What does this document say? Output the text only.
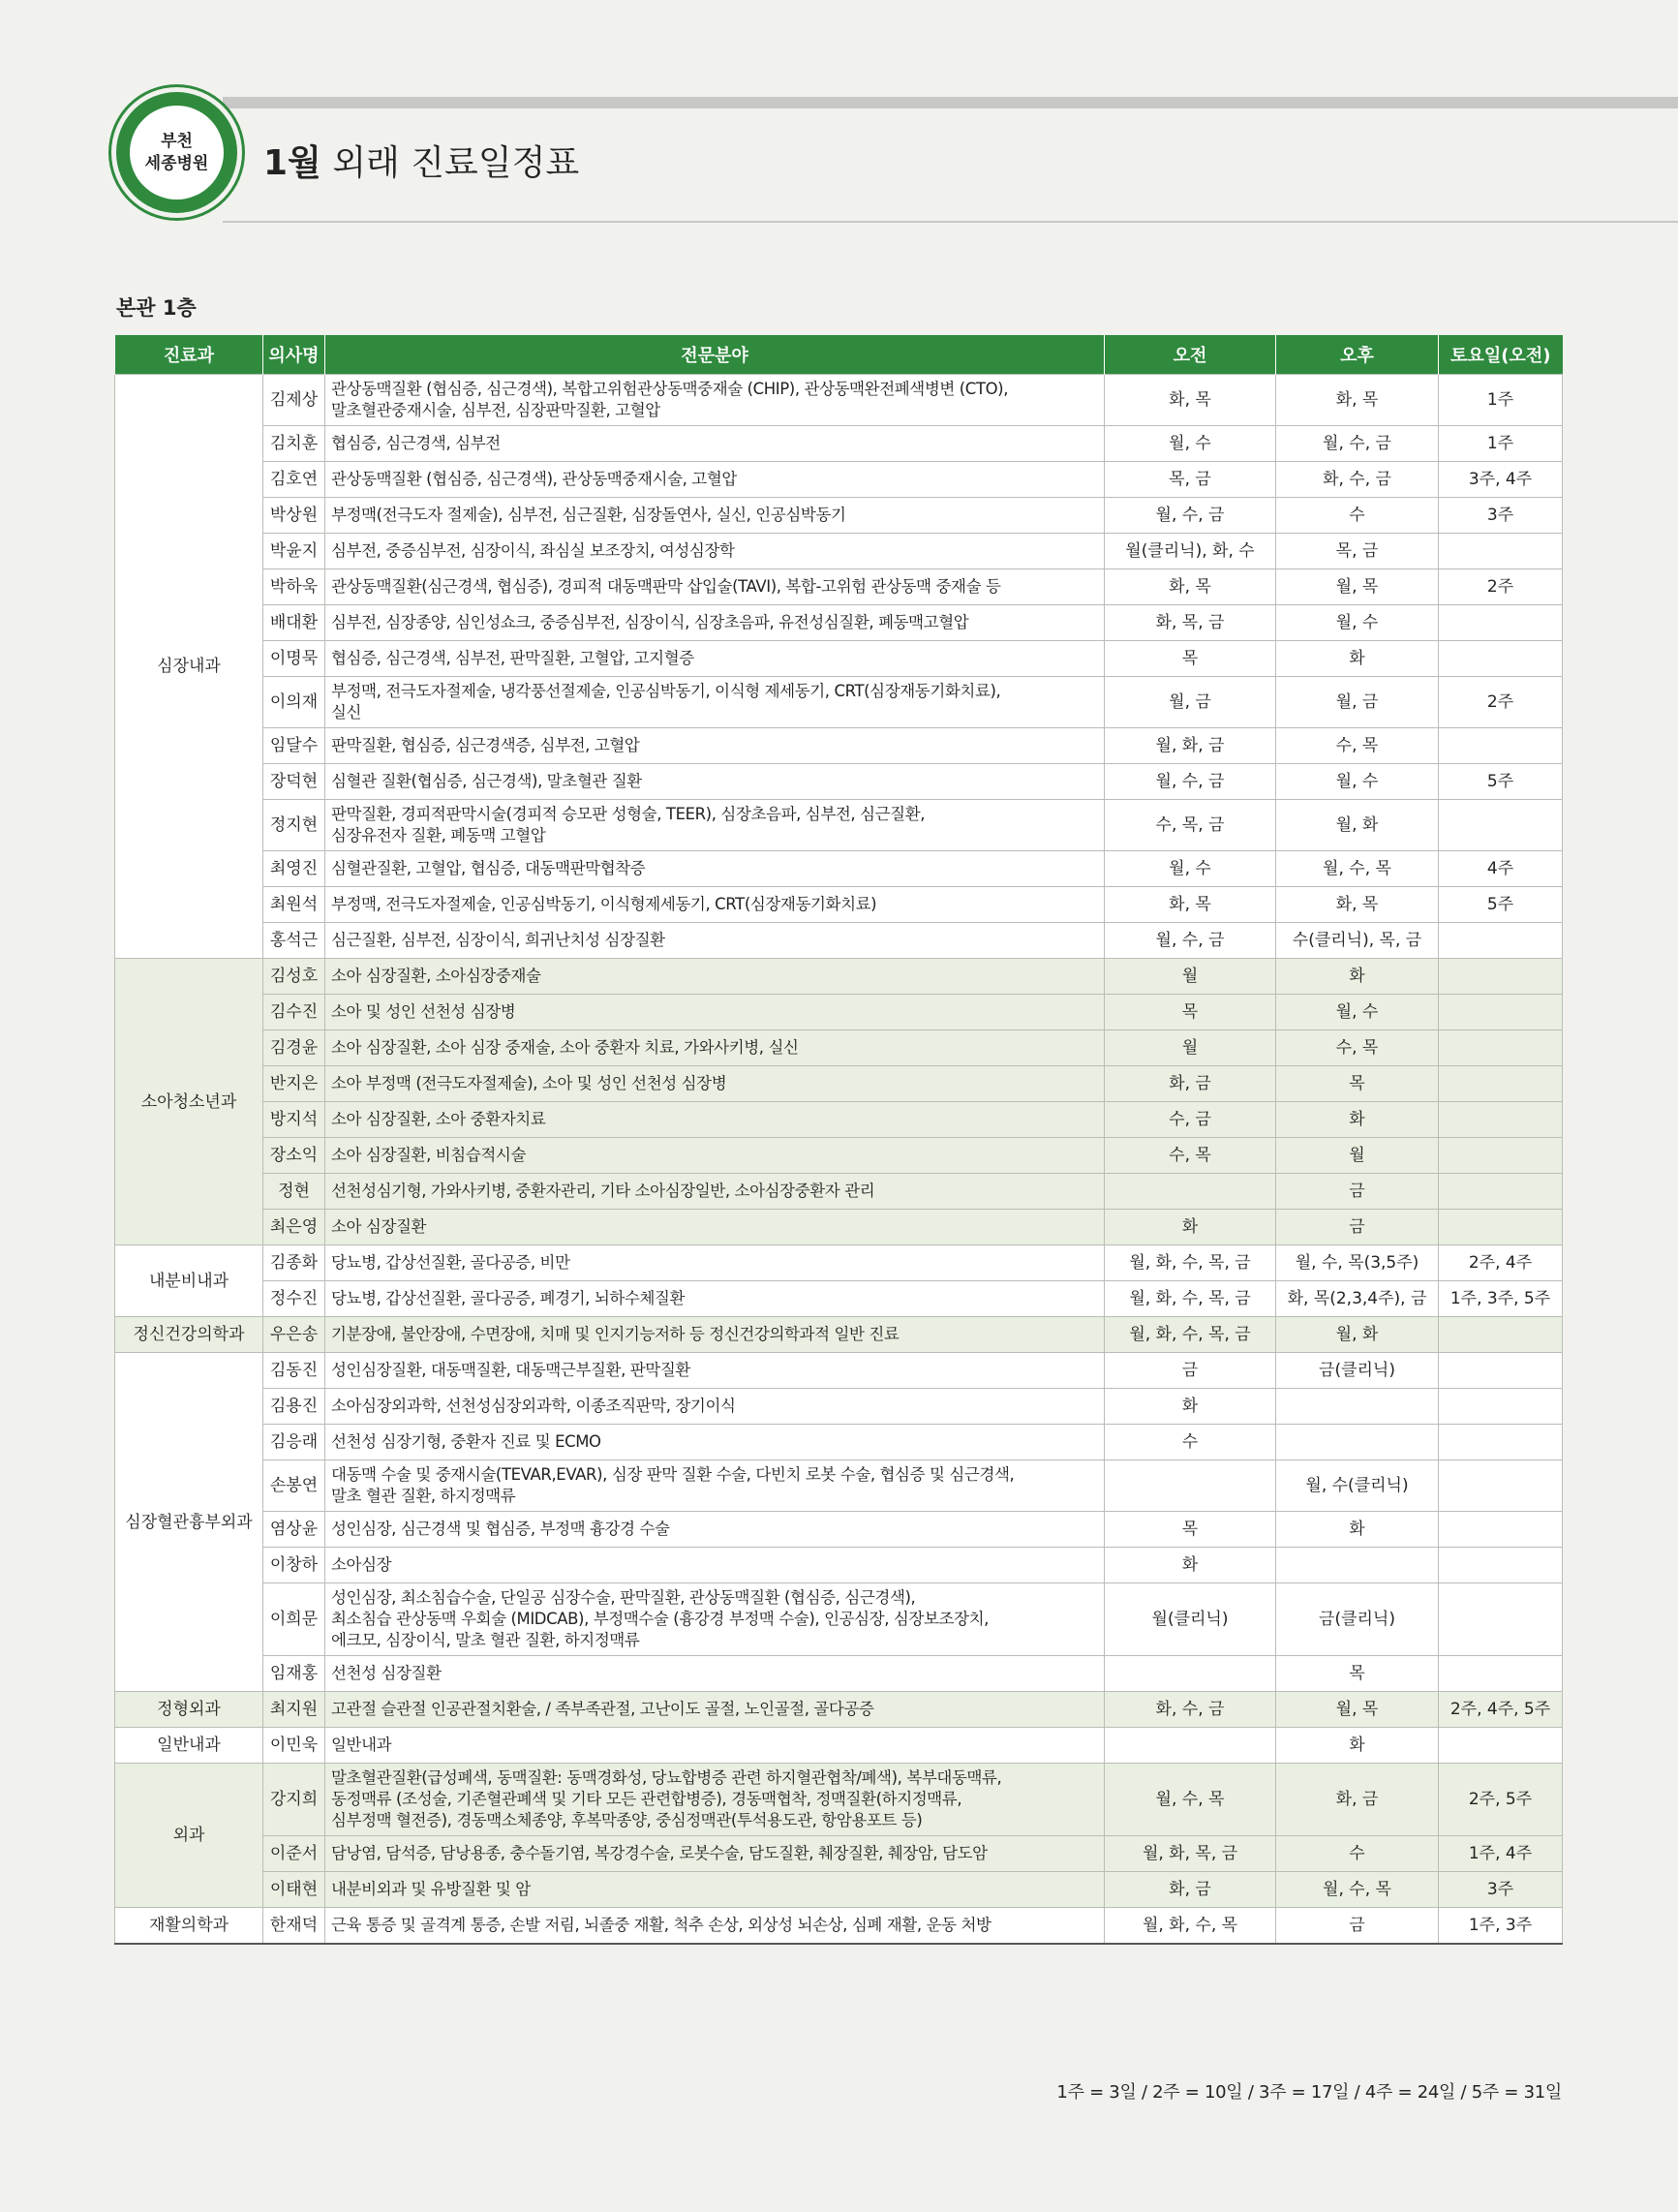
부천
세종병원 1월 외래 진료일정표
본관 1층
진료과	의사명	전문분야	오전	오후	토요일(오전)
심장내과	김제상	관상동맥질환 (협심증, 심근경색), 복합고위험관상동맥중재술 (CHIP), 관상동맥완전폐색병변 (CTO),
말초혈관중재시술, 심부전, 심장판막질환, 고혈압	화, 목	화, 목	1주
	김치훈	협심증, 심근경색, 심부전	월, 수	월, 수, 금	1주
	김호연	관상동맥질환 (협심증, 심근경색), 관상동맥중재시술, 고혈압	목, 금	화, 수, 금	3주, 4주
	박상원	부정맥(전극도자 절제술), 심부전, 심근질환, 심장돌연사, 실신, 인공심박동기	월, 수, 금	수	3주
	박윤지	심부전, 중증심부전, 심장이식, 좌심실 보조장치, 여성심장학	월(클리닉), 화, 수	목, 금	
	박하욱	관상동맥질환(심근경색, 협심증), 경피적 대동맥판막 삽입술(TAVI), 복합-고위험 관상동맥 중재술 등	화, 목	월, 목	2주
	배대환	심부전, 심장종양, 심인성쇼크, 중증심부전, 심장이식, 심장초음파, 유전성심질환, 폐동맥고혈압	화, 목, 금	월, 수	
	이명묵	협심증, 심근경색, 심부전, 판막질환, 고혈압, 고지혈증	목	화	
	이의재	부정맥, 전극도자절제술, 냉각풍선절제술, 인공심박동기, 이식형 제세동기, CRT(심장재동기화치료),
실신	월, 금	월, 금	2주
	임달수	판막질환, 협심증, 심근경색증, 심부전, 고혈압	월, 화, 금	수, 목	
	장덕현	심혈관 질환(협심증, 심근경색), 말초혈관 질환	월, 수, 금	월, 수	5주
	정지현	판막질환, 경피적판막시술(경피적 승모판 성형술, TEER), 심장초음파, 심부전, 심근질환,
심장유전자 질환, 폐동맥 고혈압	수, 목, 금	월, 화	
	최영진	심혈관질환, 고혈압, 협심증, 대동맥판막협착증	월, 수	월, 수, 목	4주
	최원석	부정맥, 전극도자절제술, 인공심박동기, 이식형제세동기, CRT(심장재동기화치료)	화, 목	화, 목	5주
	홍석근	심근질환, 심부전, 심장이식, 희귀난치성 심장질환	월, 수, 금	수(클리닉), 목, 금	
소아청소년과	김성호	소아 심장질환, 소아심장중재술	월	화	
	김수진	소아 및 성인 선천성 심장병	목	월, 수	
	김경윤	소아 심장질환, 소아 심장 중재술, 소아 중환자 치료, 가와사키병, 실신	월	수, 목	
	반지은	소아 부정맥 (전극도자절제술), 소아 및 성인 선천성 심장병	화, 금	목	
	방지석	소아 심장질환, 소아 중환자치료	수, 금	화	
	장소익	소아 심장질환, 비침습적시술	수, 목	월	
	정현	선천성심기형, 가와사키병, 중환자관리, 기타 소아심장일반, 소아심장중환자 관리		금	
	최은영	소아 심장질환	화	금	
내분비내과	김종화	당뇨병, 갑상선질환, 골다공증, 비만	월, 화, 수, 목, 금	월, 수, 목(3,5주)	2주, 4주
	정수진	당뇨병, 갑상선질환, 골다공증, 폐경기, 뇌하수체질환	월, 화, 수, 목, 금	화, 목(2,3,4주), 금	1주, 3주, 5주
정신건강의학과	우은송	기분장애, 불안장애, 수면장애, 치매 및 인지기능저하 등 정신건강의학과적 일반 진료	월, 화, 수, 목, 금	월, 화	
심장혈관흉부외과	김동진	성인심장질환, 대동맥질환, 대동맥근부질환, 판막질환	금	금(클리닉)	
	김용진	소아심장외과학, 선천성심장외과학, 이종조직판막, 장기이식	화		
	김응래	선천성 심장기형, 중환자 진료 및 ECMO	수		
	손봉연	대동맥 수술 및 중재시술(TEVAR,EVAR), 심장 판막 질환 수술, 다빈치 로봇 수술, 협심증 및 심근경색,
말초 혈관 질환, 하지정맥류		월, 수(클리닉)	
	염상윤	성인심장, 심근경색 및 협심증, 부정맥 흉강경 수술	목	화	
	이창하	소아심장	화		
	이희문	성인심장, 최소침습수술, 단일공 심장수술, 판막질환, 관상동맥질환 (협심증, 심근경색),
최소침습 관상동맥 우회술 (MIDCAB), 부정맥수술 (흉강경 부정맥 수술), 인공심장, 심장보조장치,
에크모, 심장이식, 말초 혈관 질환, 하지정맥류	월(클리닉)	금(클리닉)	
	임재홍	선천성 심장질환		목	
정형외과	최지원	고관절 슬관절 인공관절치환술, / 족부족관절, 고난이도 골절, 노인골절, 골다공증	화, 수, 금	월, 목	2주, 4주, 5주
일반내과	이민욱	일반내과		화	
외과	강지희	말초혈관질환(급성폐색, 동맥질환: 동맥경화성, 당뇨합병증 관련 하지혈관협착/폐색), 복부대동맥류,
동정맥류 (조성술, 기존혈관폐색 및 기타 모든 관련합병증), 경동맥협착, 정맥질환(하지정맥류,
심부정맥 혈전증), 경동맥소체종양, 후복막종양, 중심정맥관(투석용도관, 항암용포트 등)	월, 수, 목	화, 금	2주, 5주
	이준서	담낭염, 담석증, 담낭용종, 충수돌기염, 복강경수술, 로봇수술, 담도질환, 췌장질환, 췌장암, 담도암	월, 화, 목, 금	수	1주, 4주
	이태현	내분비외과 및 유방질환 및 암	화, 금	월, 수, 목	3주
재활의학과	한재덕	근육 통증 및 골격계 통증, 손발 저림, 뇌졸중 재활, 척추 손상, 외상성 뇌손상, 심폐 재활, 운동 처방	월, 화, 수, 목	금	1주, 3주
1주 = 3일 / 2주 = 10일 / 3주 = 17일 / 4주 = 24일 / 5주 = 31일
